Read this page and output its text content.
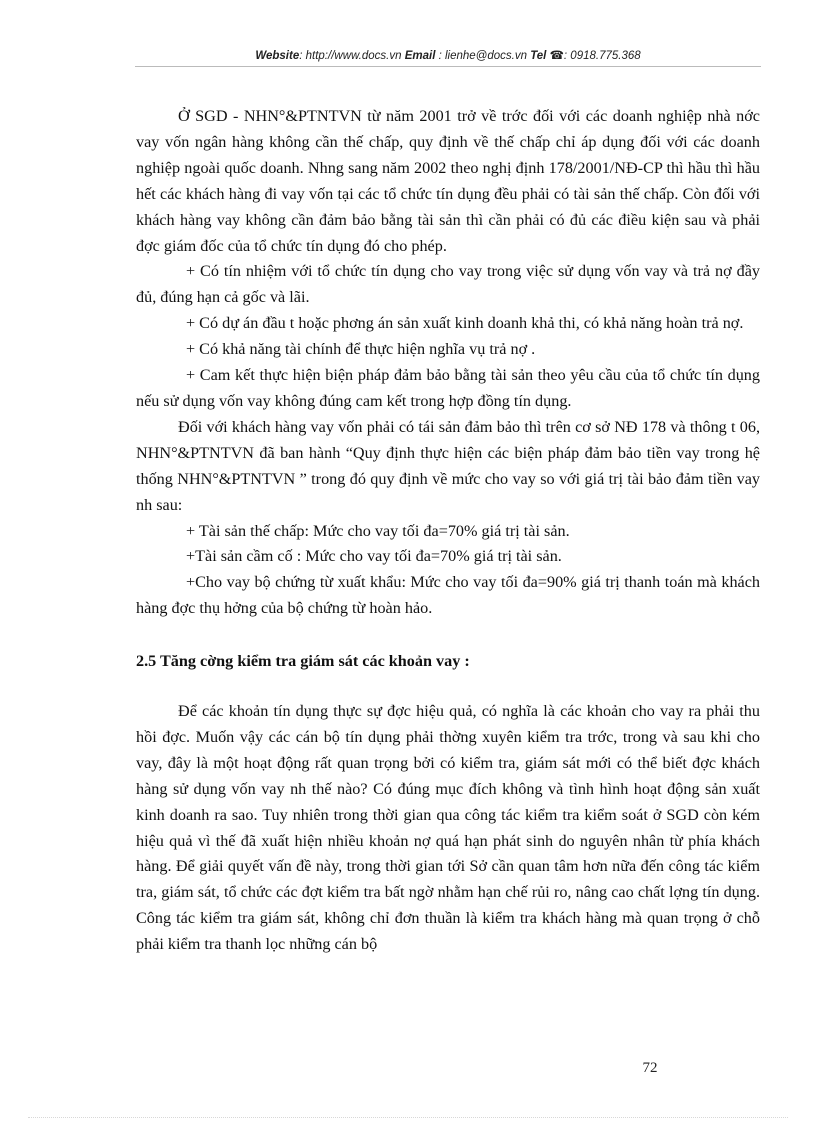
Website: http://www.docs.vn Email : lienhe@docs.vn Tel ☎: 0918.775.368

Ở SGD - NHN°&PTNTVN từ năm 2001 trở về trớc đối với các doanh nghiệp nhà nớc vay vốn ngân hàng không cần thế chấp, quy định về thế chấp chỉ áp dụng đối với các doanh nghiệp ngoài quốc doanh. Nhng sang năm 2002 theo nghị định 178/2001/NĐ-CP thì hầu thì hầu hết các khách hàng đi vay vốn tại các tổ chức tín dụng đều phải có tài sản thế chấp. Còn đối với khách hàng vay không cần đảm bảo bằng tài sản thì cần phải có đủ các điều kiện sau và phải đợc giám đốc của tổ chức tín dụng đó cho phép.

+ Có tín nhiệm với tổ chức tín dụng cho vay trong việc sử dụng vốn vay và trả nợ đầy đủ, đúng hạn cả gốc và lãi.

+ Có dự án đầu t hoặc phơng án sản xuất kinh doanh khả thi, có khả năng hoàn trả nợ.

+ Có khả năng tài chính để thực hiện nghĩa vụ trả nợ .

+ Cam kết thực hiện biện pháp đảm bảo bằng tài sản theo yêu cầu của tổ chức tín dụng nếu sử dụng vốn vay không đúng cam kết trong hợp đồng tín dụng.

Đối với khách hàng vay vốn phải có tái sản đảm bảo thì trên cơ sở NĐ 178 và thông t 06, NHN°&PTNTVN đã ban hành “Quy định thực hiện các biện pháp đảm bảo tiền vay trong hệ thống NHN°&PTNTVN ” trong đó quy định về mức cho vay so với giá trị tài bảo đảm tiền vay nh sau:

+ Tài sản thế chấp: Mức cho vay tối đa=70% giá trị tài sản.

+Tài sản cầm cố : Mức cho vay tối đa=70% giá trị tài sản.

+Cho vay bộ chứng từ xuất khẩu: Mức cho vay tối đa=90% giá trị thanh toán mà khách hàng đợc thụ hởng của bộ chứng từ hoàn hảo.

2.5 Tăng cờng kiểm tra giám sát các khoản vay :

Để các khoản tín dụng thực sự đợc hiệu quả, có nghĩa là các khoản cho vay ra phải thu hồi đợc. Muốn vậy các cán bộ tín dụng phải thờng xuyên kiểm tra trớc, trong và sau khi cho vay, đây là một hoạt động rất quan trọng bởi có kiểm tra, giám sát mới có thể biết đợc khách hàng sử dụng vốn vay nh thế nào? Có đúng mục đích không và tình hình hoạt động sản xuất kinh doanh ra sao. Tuy nhiên trong thời gian qua công tác kiểm tra kiểm soát ở SGD còn kém hiệu quả vì thế đã xuất hiện nhiều khoản nợ quá hạn phát sinh do nguyên nhân từ phía khách hàng. Để giải quyết vấn đề này, trong thời gian tới Sở cần quan tâm hơn nữa đến công tác kiểm tra, giám sát, tổ chức các đợt kiểm tra bất ngờ nhằm hạn chế rủi ro, nâng cao chất lợng tín dụng. Công tác kiểm tra giám sát, không chỉ đơn thuần là kiểm tra khách hàng mà quan trọng ở chỗ phải kiểm tra thanh lọc những cán bộ

72
